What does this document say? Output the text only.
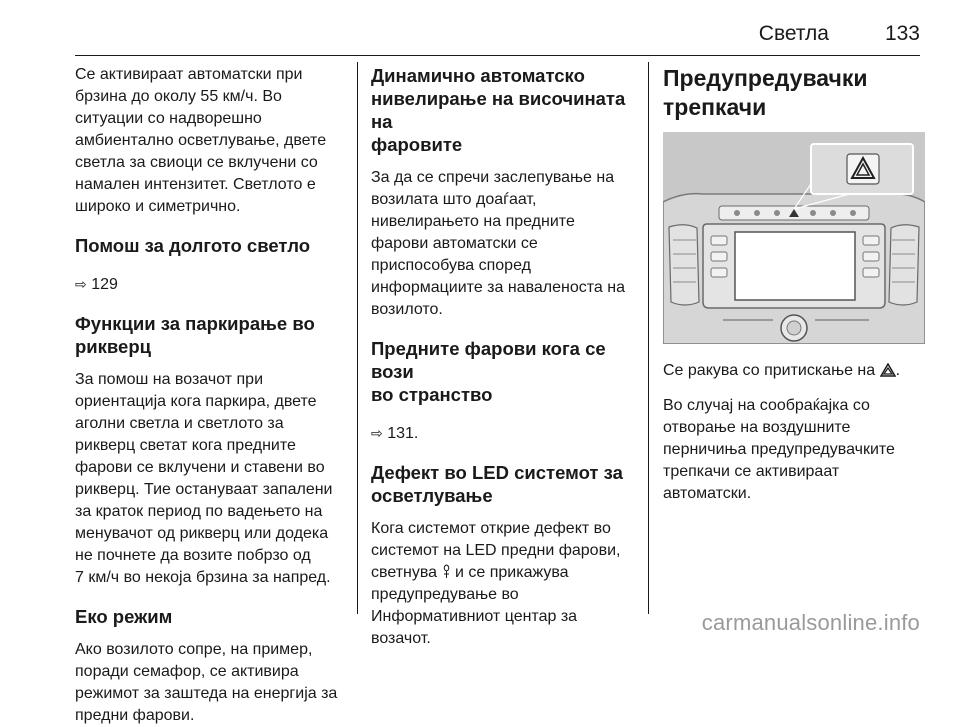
Светла	133

Се активираат автоматски при
брзина до околу 55 км/ч. Во
ситуации со надворешно
амбиентално осветлување, двете
светла за свиоци се вклучени со
намален интензитет. Светлото е
широко и симетрично.

Помош за долгото светло

⇨ 129

Функции за паркирање во
рикверц

За помош на возачот при
ориентација кога паркира, двете
аголни светла и светлото за
рикверц светат кога предните
фарови се вклучени и ставени во
рикверц. Тие остануваат запалени
за краток период по вадењето на
менувачот од рикверц или додека
не почнете да возите побрзо од
7 км/ч во некоја брзина за напред.

Еко режим

Ако возилото сопре, на пример,
поради семафор, се активира
режимот за заштеда на енергија за
предни фарови.

Динамично автоматско
нивелирање на височината на
фаровите

За да се спречи заслепување на
возилата што доаѓаат,
нивелирањето на предните
фарови автоматски се
приспособува според
информациите за навалeноста на
возилото.

Предните фарови кога се вози
во странство

⇨ 131.

Дефект во LED системот за
осветлување

Кога системот открие дефект во
системот на LED предни фарови,
светнува и се прикажува
предупредување во
Информативниот центар за
возачот.

Предупредувачки
трепкачи

Се ракува со притискање на .

Во случај на сообраќајка со
отворање на воздушните
перничиња предупредувачките
трепкачи се активираат
автоматски.

carmanualsonline.info
